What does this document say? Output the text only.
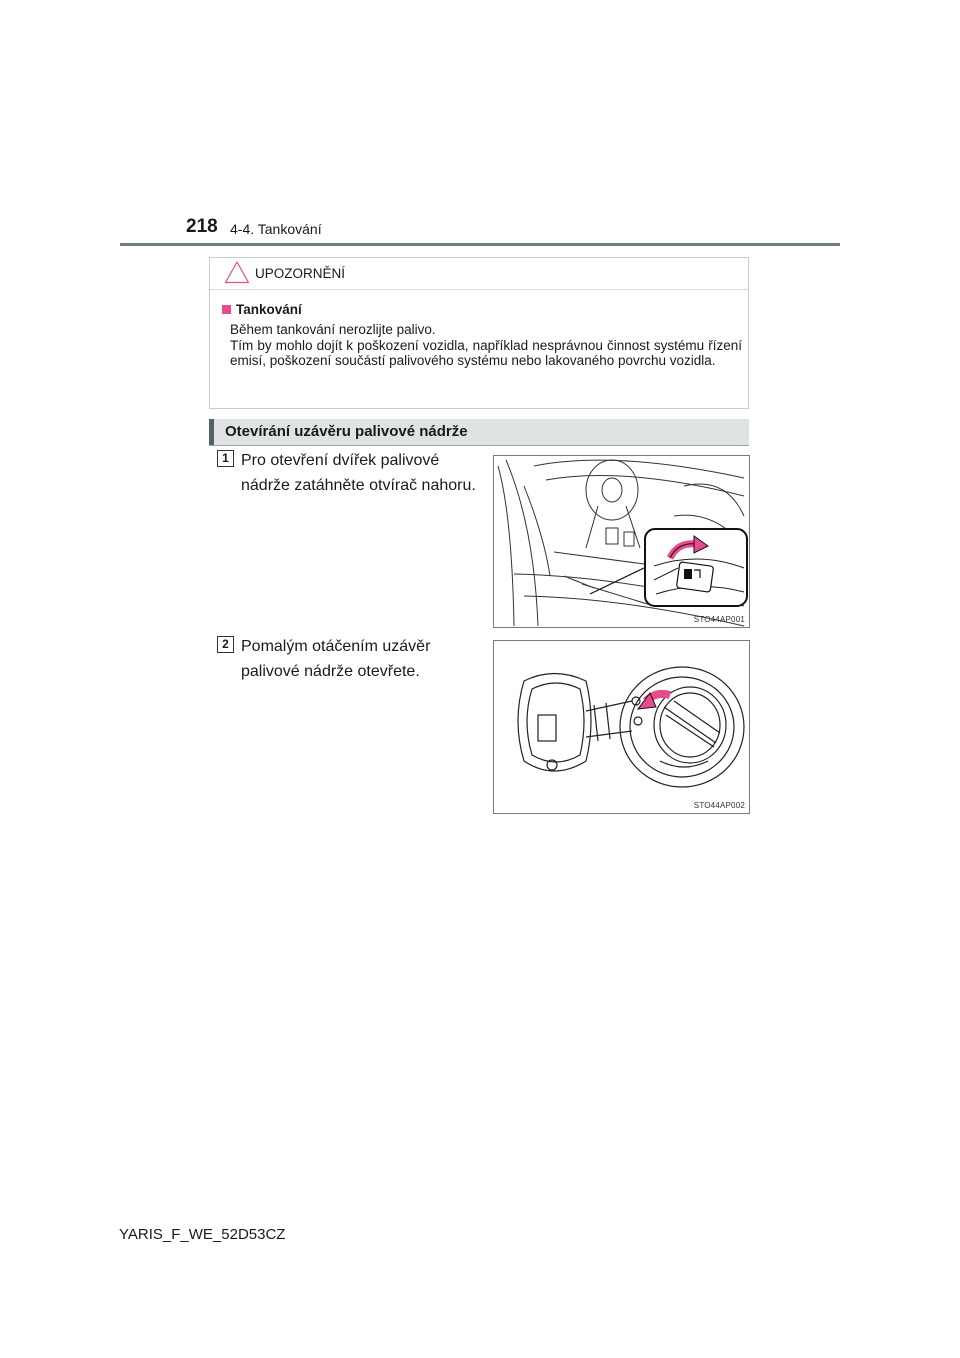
218 4-4. Tankování
UPOZORNĚNÍ
Tankování

Během tankování nerozlijte palivo.

Tím by mohlo dojít k poškození vozidla, například nesprávnou činnost systému řízení emisí, poškození součástí palivového systému nebo lakovaného povrchu vozidla.

Otevírání uzávěru palivové nádrže
1 Pro otevření dvířek palivové nádrže zatáhněte otvírač nahoru.
STO44AP001
2 Pomalým otáčením uzávěr palivové nádrže otevřete.
STO44AP002
YARIS_F_WE_52D53CZ
